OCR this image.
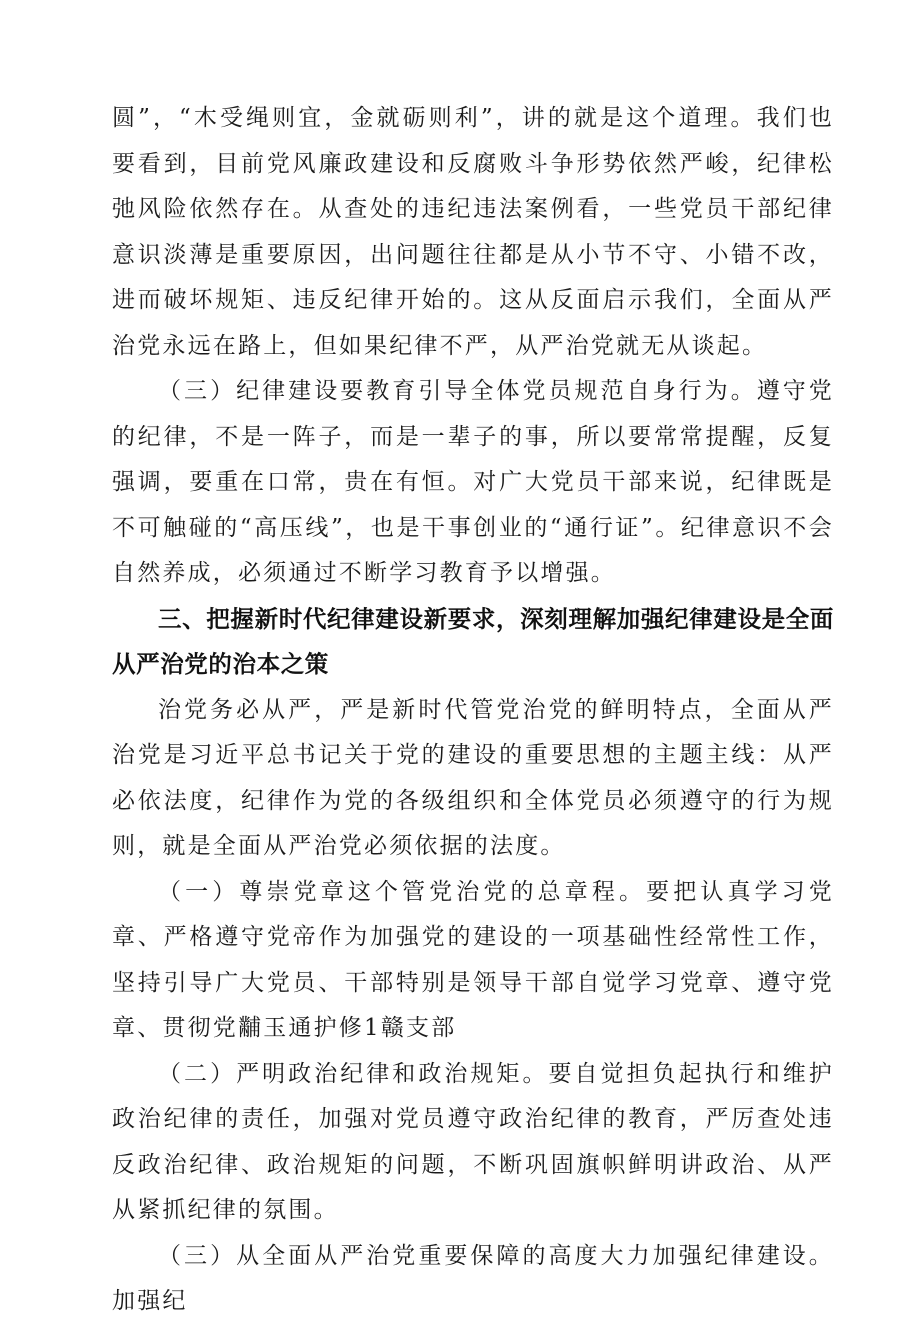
圆”，“木受绳则宜，金就砺则利”，讲的就是这个道理。我们也要看到，目前党风廉政建设和反腐败斗争形势依然严峻，纪律松弛风险依然存在。从查处的违纪违法案例看，一些党员干部纪律意识淡薄是重要原因，出问题往往都是从小节不守、小错不改，进而破坏规矩、违反纪律开始的。这从反面启示我们，全面从严治党永远在路上，但如果纪律不严，从严治党就无从谈起。

（三）纪律建设要教育引导全体党员规范自身行为。遵守党的纪律，不是一阵子，而是一辈子的事，所以要常常提醒，反复强调，要重在口常，贵在有恒。对广大党员干部来说，纪律既是不可触碰的“高压线”，也是干事创业的“通行证”。纪律意识不会自然养成，必须通过不断学习教育予以增强。

三、把握新时代纪律建设新要求，深刻理解加强纪律建设是全面从严治党的治本之策

治党务必从严，严是新时代管党治党的鲜明特点，全面从严治党是习近平总书记关于党的建设的重要思想的主题主线：从严必依法度，纪律作为党的各级组织和全体党员必须遵守的行为规则，就是全面从严治党必须依据的法度。

（一）尊崇党章这个管党治党的总章程。要把认真学习党章、严格遵守党帝作为加强党的建设的一项基础性经常性工作，坚持引导广大党员、干部特别是领导干部自觉学习党章、遵守党章、贯彻党黼玉通护修1赣支部

（二）严明政治纪律和政治规矩。要自觉担负起执行和维护政治纪律的责任，加强对党员遵守政治纪律的教育，严厉查处违反政治纪律、政治规矩的问题，不断巩固旗帜鲜明讲政治、从严从紧抓纪律的氛围。

（三）从全面从严治党重要保障的高度大力加强纪律建设。加强纪
